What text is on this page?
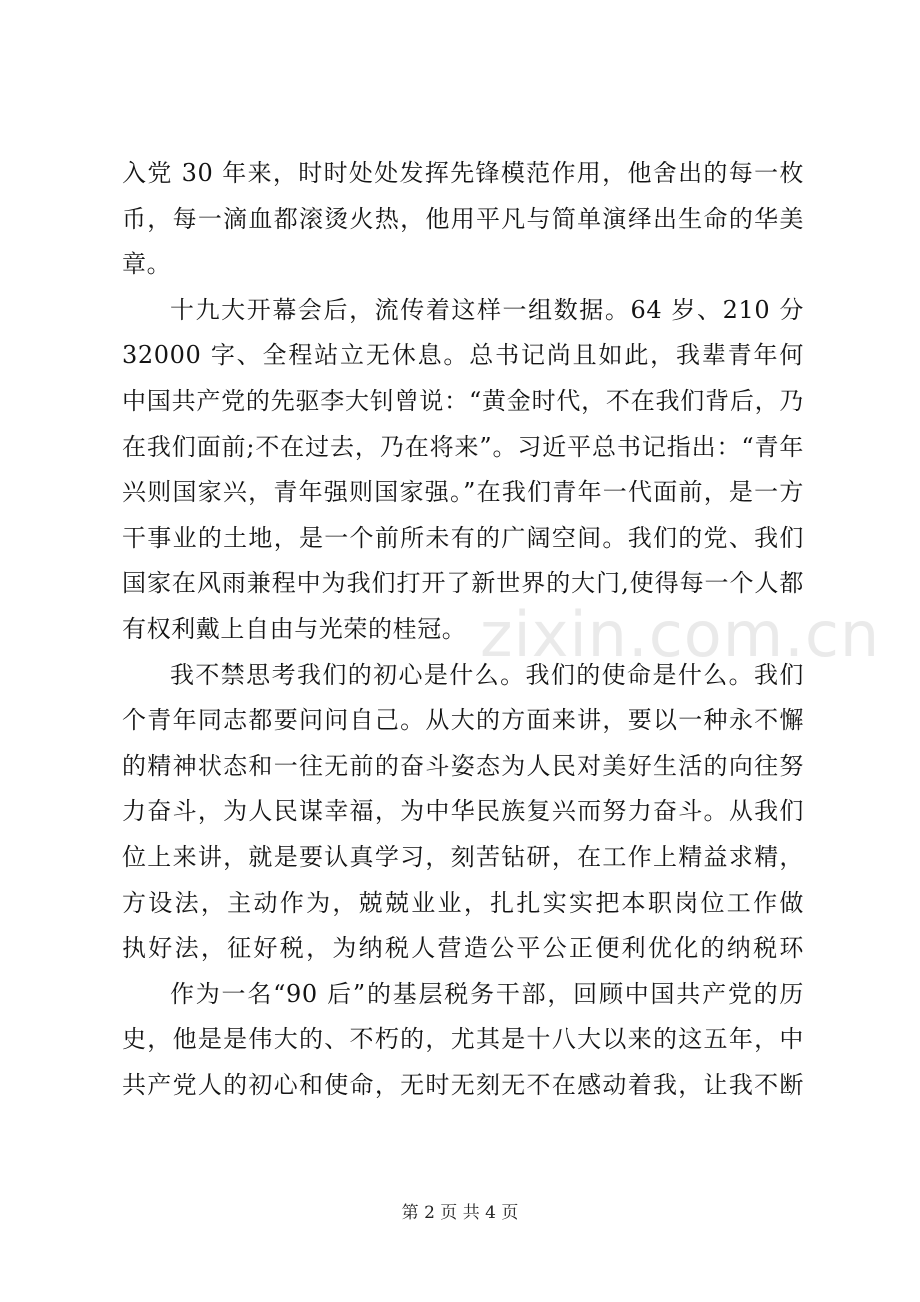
入党 30 年来，时时处处发挥先锋模范作用，他舍出的每一枚
币，每一滴血都滚烫火热，他用平凡与简单演绎出生命的华美
章。
十九大开幕会后，流传着这样一组数据。64 岁、210 分
32000 字、全程站立无休息。总书记尚且如此，我辈青年何
中国共产党的先驱李大钊曾说：“黄金时代，不在我们背后，乃
在我们面前;不在过去，乃在将来”。习近平总书记指出：“青年
兴则国家兴，青年强则国家强。”在我们青年一代面前，是一方
干事业的土地，是一个前所未有的广阔空间。我们的党、我们
国家在风雨兼程中为我们打开了新世界的大门,使得每一个人都
有权利戴上自由与光荣的桂冠。
我不禁思考我们的初心是什么。我们的使命是什么。我们
个青年同志都要问问自己。从大的方面来讲，要以一种永不懈
的精神状态和一往无前的奋斗姿态为人民对美好生活的向往努
力奋斗，为人民谋幸福，为中华民族复兴而努力奋斗。从我们
位上来讲，就是要认真学习，刻苦钻研，在工作上精益求精，
方设法，主动作为，兢兢业业，扎扎实实把本职岗位工作做
执好法，征好税，为纳税人营造公平公正便利优化的纳税环
作为一名“90 后”的基层税务干部，回顾中国共产党的历
史，他是是伟大的、不朽的，尤其是十八大以来的这五年，中
共产党人的初心和使命，无时无刻无不在感动着我，让我不断
zixin.com.cn
第 2 页 共 4 页
